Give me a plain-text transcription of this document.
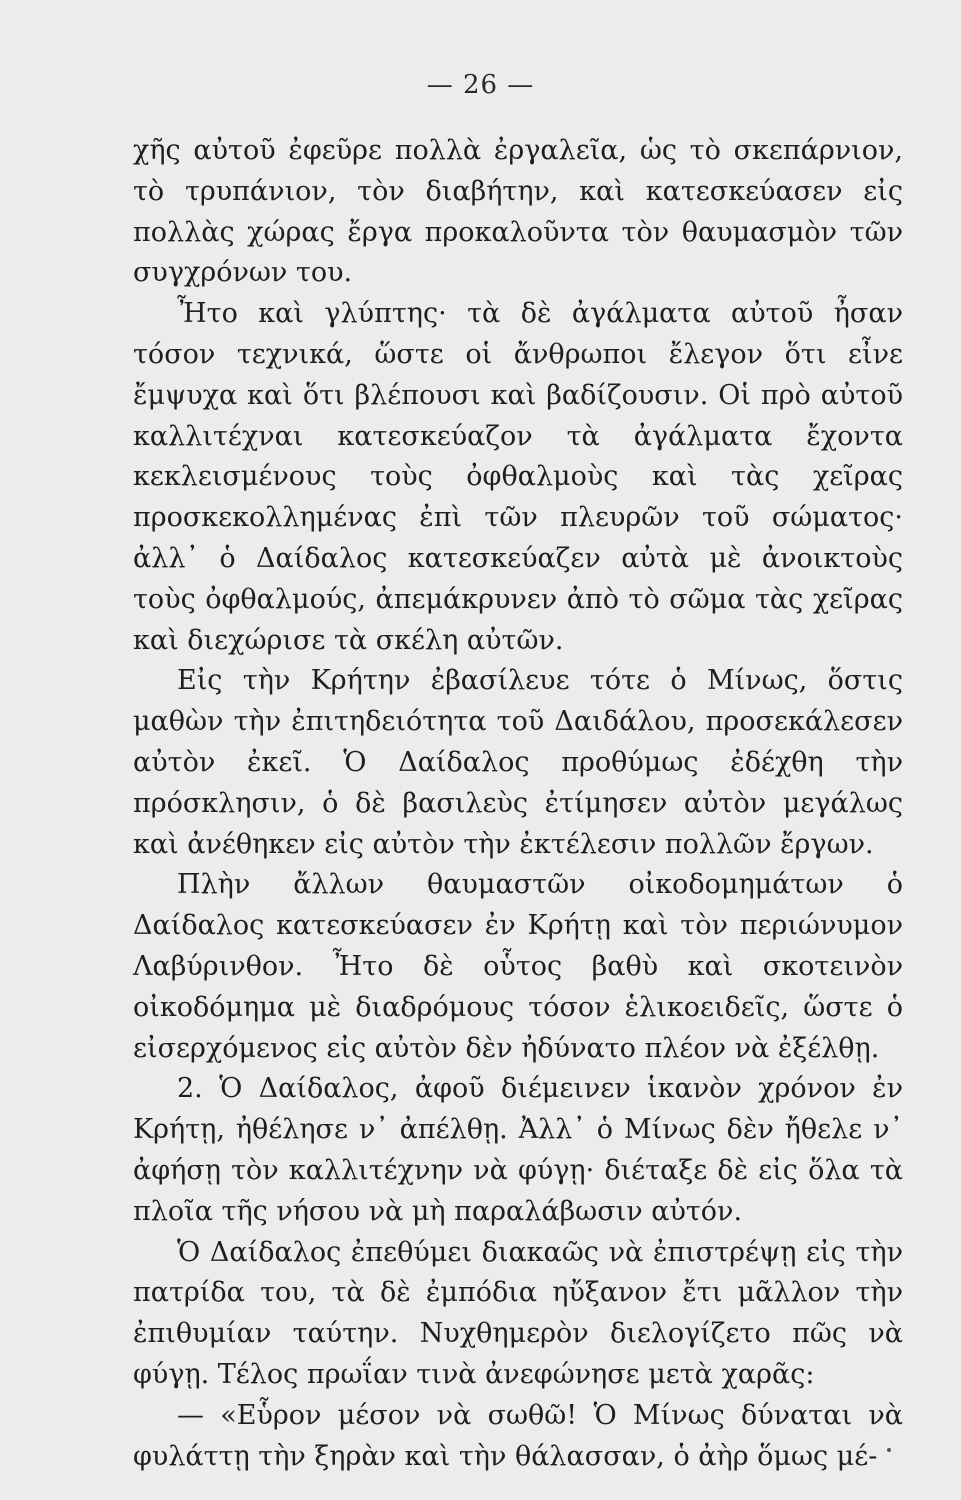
— 26 —

χῆς αὐτοῦ ἐφεῦρε πολλὰ ἐργαλεῖα, ὡς τὸ σκεπάρνιον, τὸ τρυπάνιον, τὸν διαβήτην, καὶ κατεσκεύασεν εἰς πολλὰς χώρας ἔργα προκαλοῦντα τὸν θαυμασμὸν τῶν συγχρόνων του.

Ἦτο καὶ γλύπτης· τὰ δὲ ἀγάλματα αὐτοῦ ἦσαν τόσον τεχνικά, ὥστε οἱ ἄνθρωποι ἔλεγον ὅτι εἶνε ἔμψυχα καὶ ὅτι βλέπουσι καὶ βαδίζουσιν. Οἱ πρὸ αὐτοῦ καλλιτέχναι κατεσκεύαζον τὰ ἀγάλματα ἔχοντα κεκλεισμένους τοὺς ὀφθαλμοὺς καὶ τὰς χεῖρας προσκεκολλημένας ἐπὶ τῶν πλευρῶν τοῦ σώματος· ἀλλ᾽ ὁ Δαίδαλος κατεσκεύαζεν αὐτὰ μὲ ἀνοικτοὺς τοὺς ὀφθαλμούς, ἀπεμάκρυνεν ἀπὸ τὸ σῶμα τὰς χεῖρας καὶ διεχώρισε τὰ σκέλη αὐτῶν.

Εἰς τὴν Κρήτην ἐβασίλευε τότε ὁ Μίνως, ὅστις μαθὼν τὴν ἐπιτηδειότητα τοῦ Δαιδάλου, προσεκάλεσεν αὐτὸν ἐκεῖ. Ὁ Δαίδαλος προθύμως ἐδέχθη τὴν πρόσκλησιν, ὁ δὲ βασιλεὺς ἐτίμησεν αὐτὸν μεγάλως καὶ ἀνέθηκεν εἰς αὐτὸν τὴν ἐκτέλεσιν πολλῶν ἔργων.

Πλὴν ἄλλων θαυμαστῶν οἰκοδομημάτων ὁ Δαίδαλος κατεσκεύασεν ἐν Κρήτῃ καὶ τὸν περιώνυμον Λαβύρινθον. Ἦτο δὲ οὗτος βαθὺ καὶ σκοτεινὸν οἰκοδόμημα μὲ διαδρόμους τόσον ἑλικοειδεῖς, ὥστε ὁ εἰσερχόμενος εἰς αὐτὸν δὲν ἠδύνατο πλέον νὰ ἐξέλθῃ.

2. Ὁ Δαίδαλος, ἀφοῦ διέμεινεν ἱκανὸν χρόνον ἐν Κρήτῃ, ἠθέλησε ν᾽ ἀπέλθῃ. Ἀλλ᾽ ὁ Μίνως δὲν ἤθελε ν᾽ ἀφήσῃ τὸν καλλιτέχνην νὰ φύγῃ· διέταξε δὲ εἰς ὅλα τὰ πλοῖα τῆς νήσου νὰ μὴ παραλάβωσιν αὐτόν.

Ὁ Δαίδαλος ἐπεθύμει διακαῶς νὰ ἐπιστρέψῃ εἰς τὴν πατρίδα του, τὰ δὲ ἐμπόδια ηὔξανον ἔτι μᾶλλον τὴν ἐπιθυμίαν ταύτην. Νυχθημερὸν διελογίζετο πῶς νὰ φύγῃ. Τέλος πρωΐαν τινὰ ἀνεφώνησε μετὰ χαρᾶς:

— «Εὗρον μέσον νὰ σωθῶ! Ὁ Μίνως δύναται νὰ φυλάττῃ τὴν ξηρὰν καὶ τὴν θάλασσαν, ὁ ἀὴρ ὅμως μέ-
